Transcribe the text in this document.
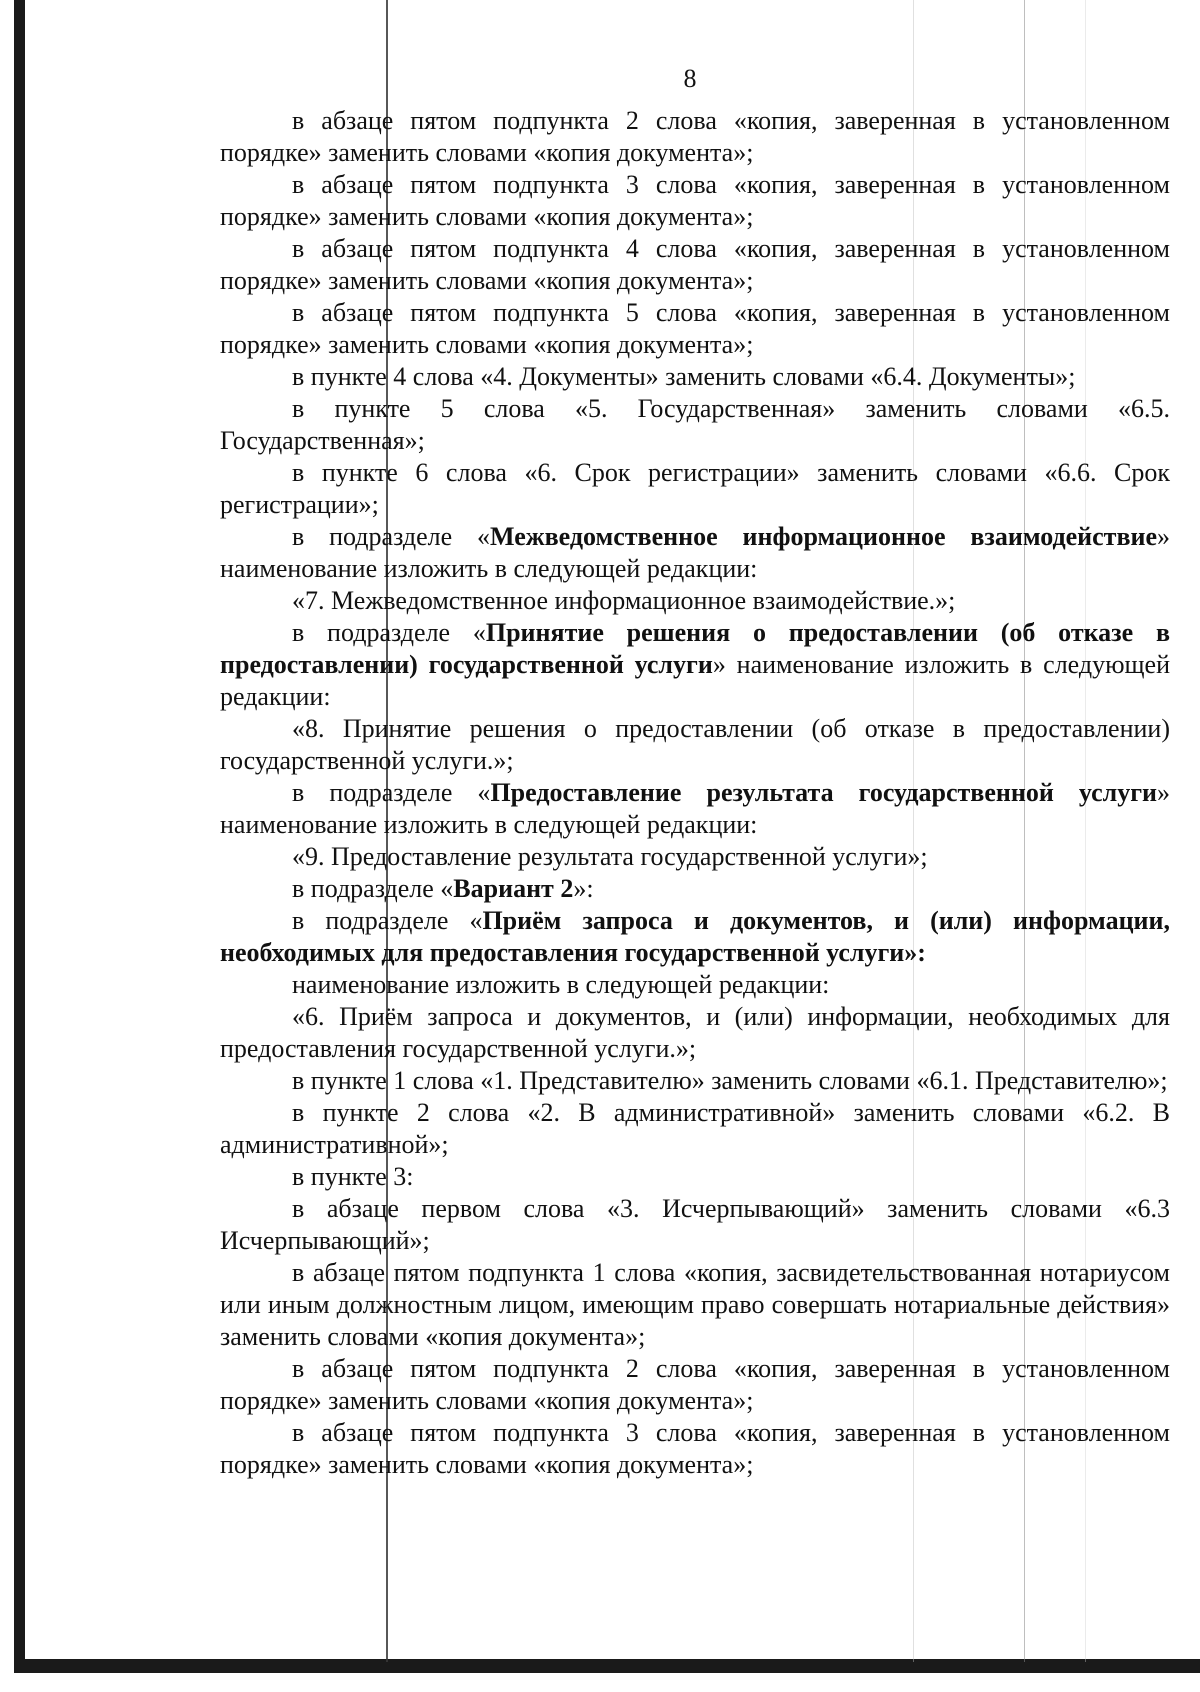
8

в абзаце пятом подпункта 2 слова «копия, заверенная в установленном порядке» заменить словами «копия документа»;

в абзаце пятом подпункта 3 слова «копия, заверенная в установленном порядке» заменить словами «копия документа»;

в абзаце пятом подпункта 4 слова «копия, заверенная в установленном порядке» заменить словами «копия документа»;

в абзаце пятом подпункта 5 слова «копия, заверенная в установленном порядке» заменить словами «копия документа»;

в пункте 4 слова «4. Документы» заменить словами «6.4. Документы»;

в пункте 5 слова «5. Государственная» заменить словами «6.5. Государственная»;

в пункте 6 слова «6. Срок регистрации» заменить словами «6.6. Срок регистрации»;

в подразделе «Межведомственное информационное взаимодействие» наименование изложить в следующей редакции:

«7. Межведомственное информационное взаимодействие.»;

в подразделе «Принятие решения о предоставлении (об отказе в предоставлении) государственной услуги» наименование изложить в следующей редакции:

«8. Принятие решения о предоставлении (об отказе в предоставлении) государственной услуги.»;

в подразделе «Предоставление результата государственной услуги» наименование изложить в следующей редакции:

«9. Предоставление результата государственной услуги»;

в подразделе «Вариант 2»:

в подразделе «Приём запроса и документов, и (или) информации, необходимых для предоставления государственной услуги»:

наименование изложить в следующей редакции:

«6. Приём запроса и документов, и (или) информации, необходимых для предоставления государственной услуги.»;

в пункте 1 слова «1. Представителю» заменить словами «6.1. Представителю»;

в пункте 2 слова «2. В административной» заменить словами «6.2. В административной»;

в пункте 3:

в абзаце первом слова «3. Исчерпывающий» заменить словами «6.3 Исчерпывающий»;

в абзаце пятом подпункта 1 слова «копия, засвидетельствованная нотариусом или иным должностным лицом, имеющим право совершать нотариальные действия» заменить словами «копия документа»;

в абзаце пятом подпункта 2 слова «копия, заверенная в установленном порядке» заменить словами «копия документа»;

в абзаце пятом подпункта 3 слова «копия, заверенная в установленном порядке» заменить словами «копия документа»;
